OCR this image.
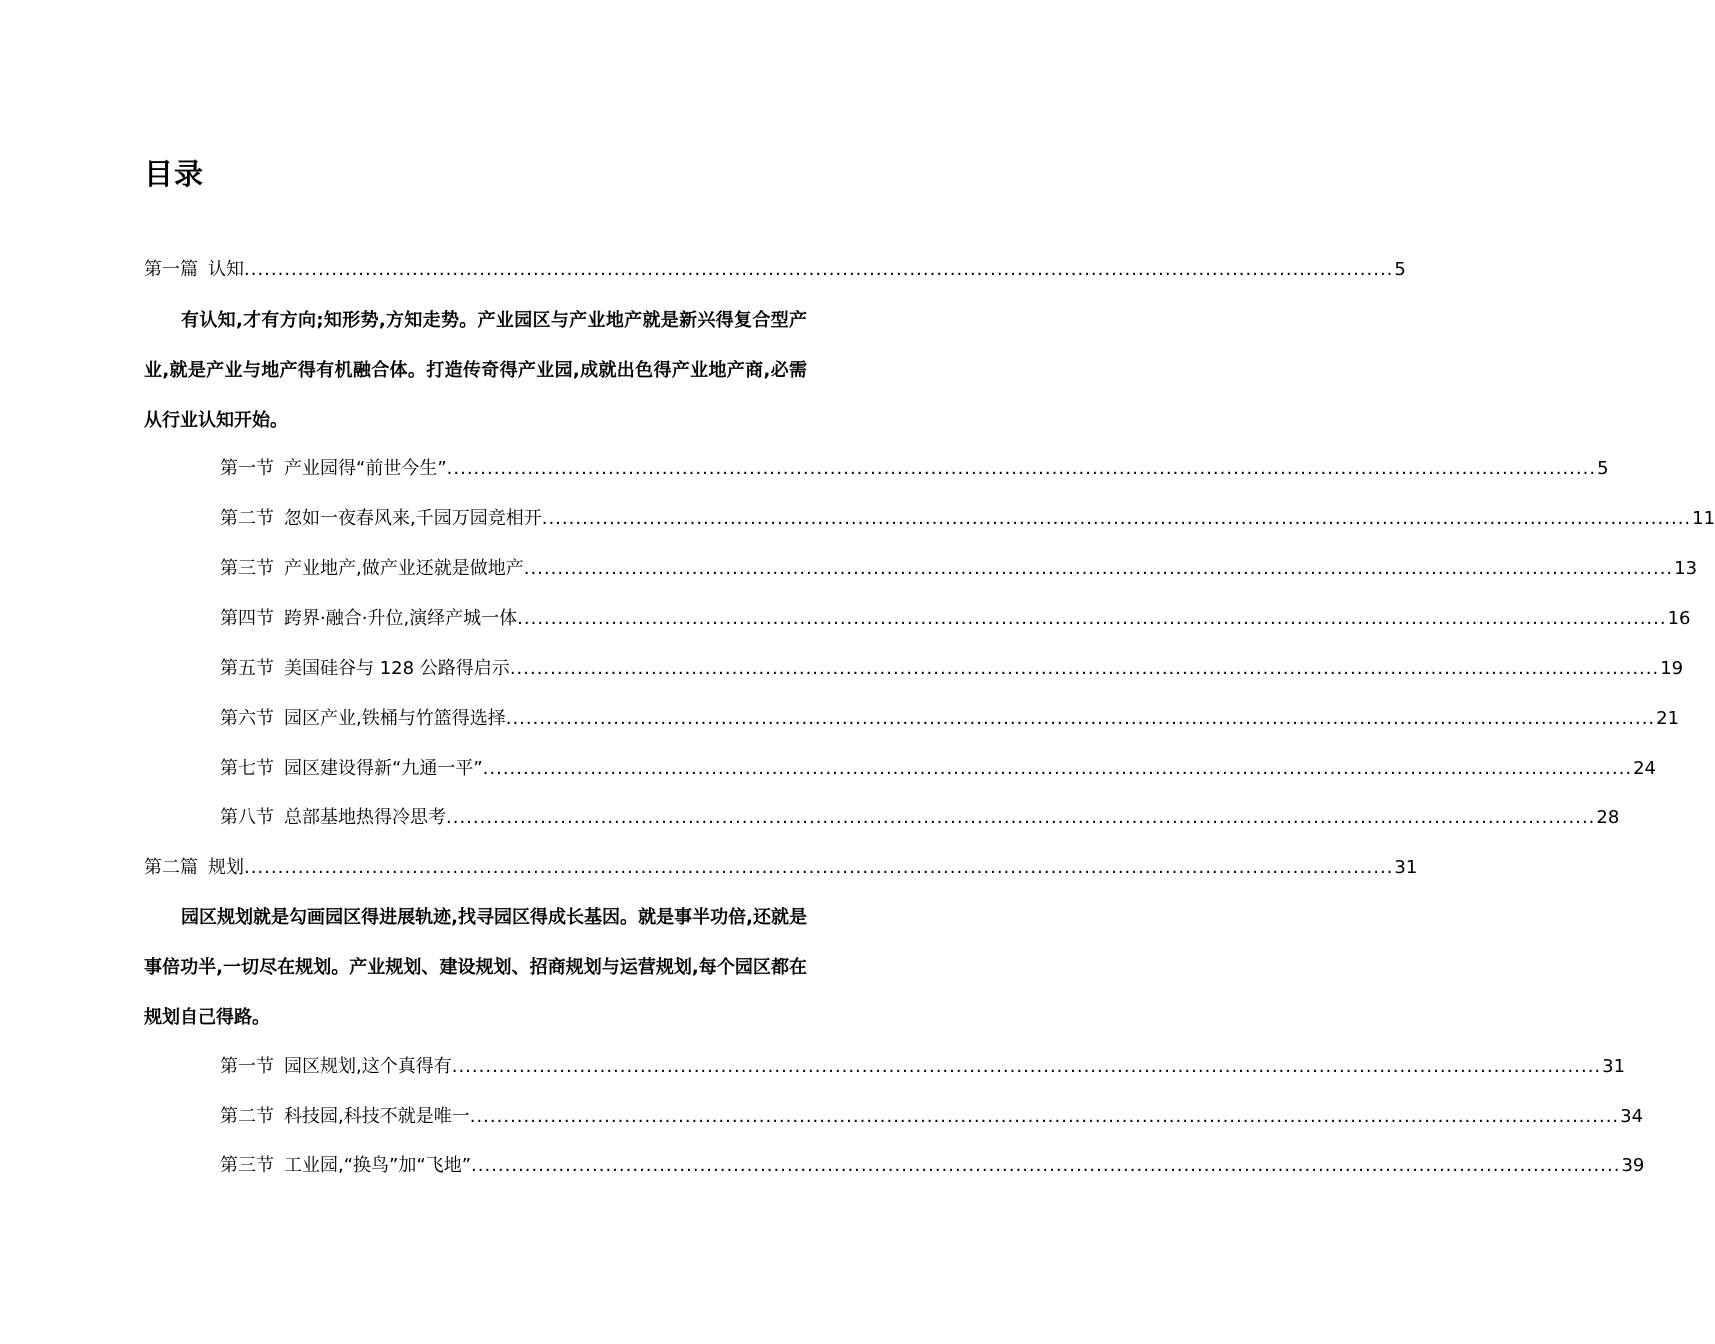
目录
第一篇 认知 ........................................................................................................................................................................... 5

有认知,才有方向;知形势,方知走势。产业园区与产业地产就是新兴得复合型产业,就是产业与地产得有机融合体。打造传奇得产业园,成就出色得产业地产商,必需从行业认知开始。

第一节 产业园得“前世今生” ........................................................................................................................................................................... 5
第二节 忽如一夜春风来,千园万园竞相开 ........................................................................................................................................................................... 11
第三节 产业地产,做产业还就是做地产 ........................................................................................................................................................................... 13
第四节 跨界·融合·升位,演绎产城一体 ........................................................................................................................................................................... 16
第五节 美国硅谷与 128 公路得启示 ........................................................................................................................................................................... 19
第六节 园区产业,铁桶与竹篮得选择 ........................................................................................................................................................................... 21
第七节 园区建设得新“九通一平” ........................................................................................................................................................................... 24
第八节 总部基地热得冷思考 ........................................................................................................................................................................... 28
第二篇 规划 ........................................................................................................................................................................... 31

园区规划就是勾画园区得进展轨迹,找寻园区得成长基因。就是事半功倍,还就是事倍功半,一切尽在规划。产业规划、建设规划、招商规划与运营规划,每个园区都在规划自己得路。

第一节 园区规划,这个真得有 ........................................................................................................................................................................... 31
第二节 科技园,科技不就是唯一 ........................................................................................................................................................................... 34
第三节 工业园,“换鸟”加“飞地” ........................................................................................................................................................................... 39
